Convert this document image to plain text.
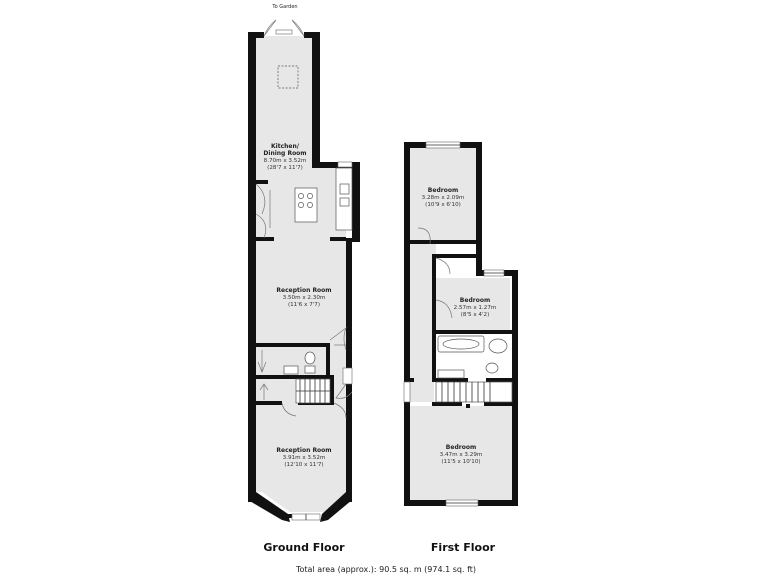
To Garden
Kitchen/
Dining Room
8.70m x 3.52m
(28'7 x 11'7)
Reception Room
3.50m x 2.30m
(11'6 x 7'7)
Reception Room
3.91m x 3.52m
(12'10 x 11'7)
Bedroom
3.28m x 2.09m
(10'9 x 6'10)
Bedroom
2.57m x 1.27m
(8'5 x 4'2)
Bedroom
3.47m x 3.29m
(11'5 x 10'10)
Ground Floor	First Floor
Total area (approx.): 90.5 sq. m (974.1 sq. ft)
